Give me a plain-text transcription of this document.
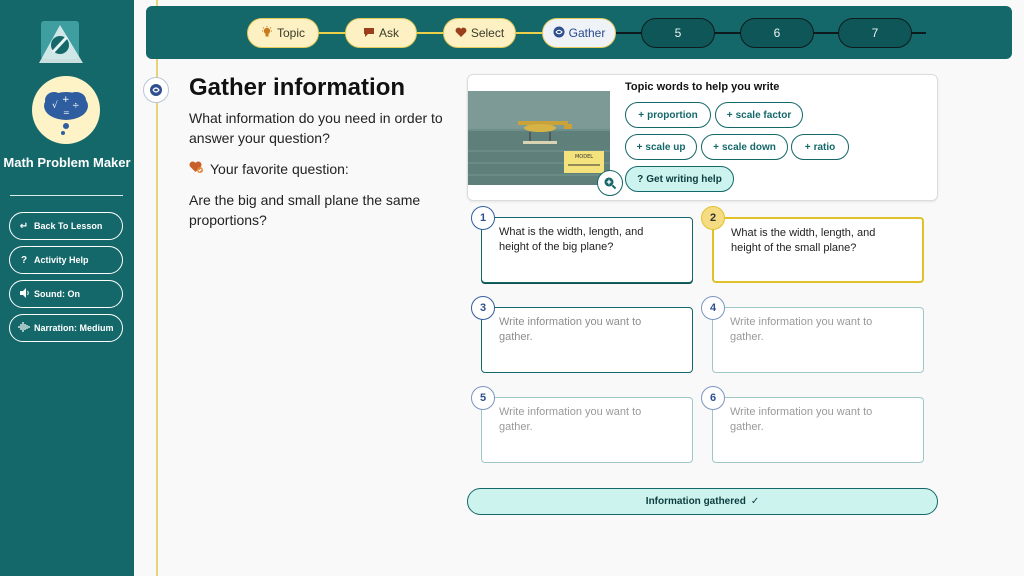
√
+
÷
=
Math Problem Maker
↵ Back To Lesson
? Activity Help
Sound: On
Narration: Medium
Topic	Ask	Select	Gather	5	6	7
Gather information
What information do you need in order to answer your question?
Your favorite question:
Are the big and small plane the same proportions?
MODEL
Topic words to help you write
+ proportion	+ scale factor
+ scale up	+ scale down	+ ratio
? Get writing help
What is the width, length, and height of the big plane?
1
What is the width, length, and height of the small plane?
2
Write information you want to gather.
3
Write information you want to gather.
4
Write information you want to gather.
5
Write information you want to gather.
6
Information gathered ✓
